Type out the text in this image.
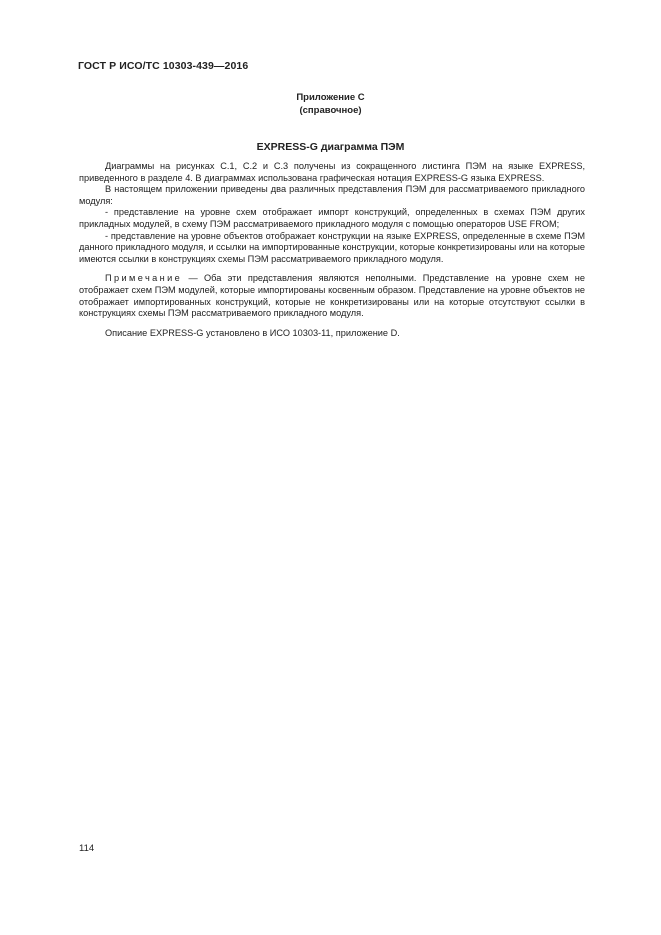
ГОСТ Р ИСО/ТС 10303-439—2016
Приложение С
(справочное)
EXPRESS-G диаграмма ПЭМ

Диаграммы на рисунках С.1, С.2 и С.3 получены из сокращенного листинга ПЭМ на языке EXPRESS, приведенного в разделе 4. В диаграммах использована графическая нотация EXPRESS-G языка EXPRESS.

В настоящем приложении приведены два различных представления ПЭМ для рассматриваемого прикладного модуля:

- представление на уровне схем отображает импорт конструкций, определенных в схемах ПЭМ других прикладных модулей, в схему ПЭМ рассматриваемого прикладного модуля с помощью операторов USE FROM;

- представление на уровне объектов отображает конструкции на языке EXPRESS, определенные в схеме ПЭМ данного прикладного модуля, и ссылки на импортированные конструкции, которые конкретизированы или на которые имеются ссылки в конструкциях схемы ПЭМ рассматриваемого прикладного модуля.

Примечание — Оба эти представления являются неполными. Представление на уровне схем не отображает схем ПЭМ модулей, которые импортированы косвенным образом. Представление на уровне объектов не отображает импортированных конструкций, которые не конкретизированы или на которые отсутствуют ссылки в конструкциях схемы ПЭМ рассматриваемого прикладного модуля.

Описание EXPRESS-G установлено в ИСО 10303-11, приложение D.

114
